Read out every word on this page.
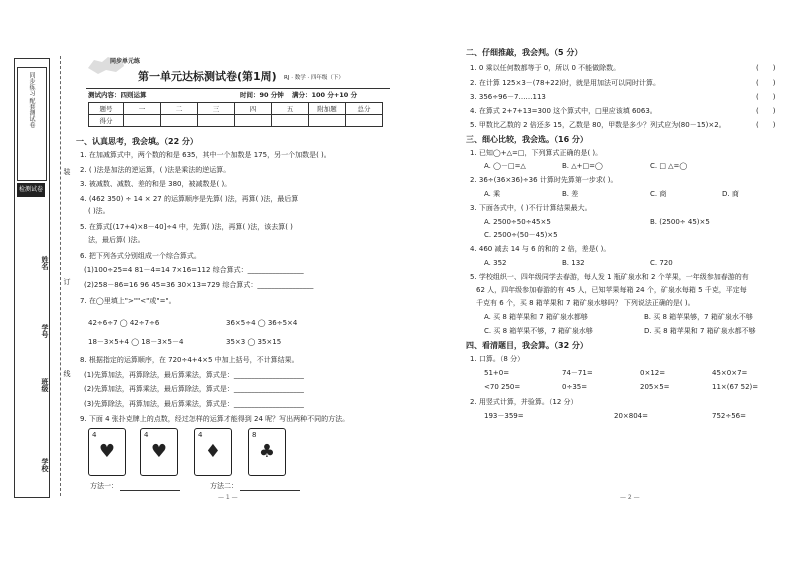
同步练习 配套测试卷
检测试卷
姓名
学号
班级
学校
装
订
线
同步单元练
第一单元达标测试卷(第1周) RJ · 数学 · 四年级（下）
测试内容：四则运算	时间：90 分钟 满分：100 分+10 分
题号	一	二	三	四	五	附加题	总分
得分							
一、认真思考，我会填。（22 分）
1. 在加减算式中，两个数的和是 635，其中一个加数是 175，另一个加数是( )。
2. ( )法是加法的逆运算，( )法是乘法的逆运算。
3. 被减数、减数、差的和是 380，被减数是( )。
4. (462 350) ÷ 14 × 27 的运算顺序是先算( )法，再算( )法，最后算
( )法。
5. 在算式[(17+4)×8－40]÷4 中，先算( )法，再算( )法，该去算( )
法，最后算( )法。
6. 把下列各式分别组成一个综合算式。
(1)100÷25=4 81－4=14 7×16=112 综合算式：________________
(2)258－86=16 96 45=36 30×13=729 综合算式：________________
7. 在◯里填上">""<"或"="。
42÷6÷7 ◯ 42÷7÷6	36×5÷4 ◯ 36÷5×4
18－3×5+4 ◯ 18－3×5－4	35×3 ◯ 35×15
8. 根据指定的运算顺序，在 720÷4+4×5 中加上括号，不计算结果。
(1)先算加法，再算除法，最后算乘法，算式是：____________________
(2)先算加法，再算乘法，最后算除法，算式是：____________________
(3)先算除法，再算加法，最后算乘法，算式是：____________________
9. 下面 4 张扑克牌上的点数，经过怎样的运算才能得到 24 呢？写出两种不同的方法。
4
♥
4
♥
4
♦
8
♣
方法一：	方法二：
— 1 —
二、仔细推敲，我会判。（5 分）
1. 0 乘以任何数都等于 0，所以 0 不能做除数。	(　　)
2. 在计算 125×3－(78+22)时，就是用加法可以同时计算。	(　　)
3. 356÷96－7……113	(　　)
4. 在算式 2+7+13=300 这个算式中，□里应该填 6063。	(　　)
5. 甲数比乙数的 2 倍还多 15，乙数是 80，甲数是多少？列式应为(80－15)×2。	(　　)
三、细心比较，我会选。（16 分）
1. 已知◯+△=□，下列算式正确的是( )。
A. ◯－□=△	B. △+□=◯	C. □ △=◯
2. 36÷(36×36)÷36 计算时先算第一步求( )。
A. 乘	B. 差	C. 商	D. 商
3. 下面各式中，( )不行计算结果最大。
A. 2500÷50÷45×5	B. (2500÷ 45)×5
C. 2500÷(50－45)×5
4. 460 减去 14 与 6 的和的 2 倍，差是( )。
A. 352	B. 132	C. 720
5. 学校组织一、四年级同学去春游，每人发 1 瓶矿泉水和 2 个苹果，一年级参加春游的有
62 人，四年级参加春游的有 45 人，已知苹果每箱 24 个，矿泉水每箱 5 千克，平定每
千克有 6 个，买 8 箱苹果和 7 箱矿泉水够吗？ 下列说法正确的是( )。
A. 买 8 箱苹果和 7 箱矿泉水都够	B. 买 8 箱苹果够，7 箱矿泉水不够
C. 买 8 箱苹果不够，7 箱矿泉水够	D. 买 8 箱苹果和 7 箱矿泉水都不够
四、看清题目，我会算。（32 分）
1. 口算。（8 分）
51+0=	74－71=	0×12=	45×0×7=
<70 250=	0÷35=	205×5=	11×(67 52)=
2. 用竖式计算，并验算。（12 分）
193－359=	20×804=	752÷56=
— 2 —
